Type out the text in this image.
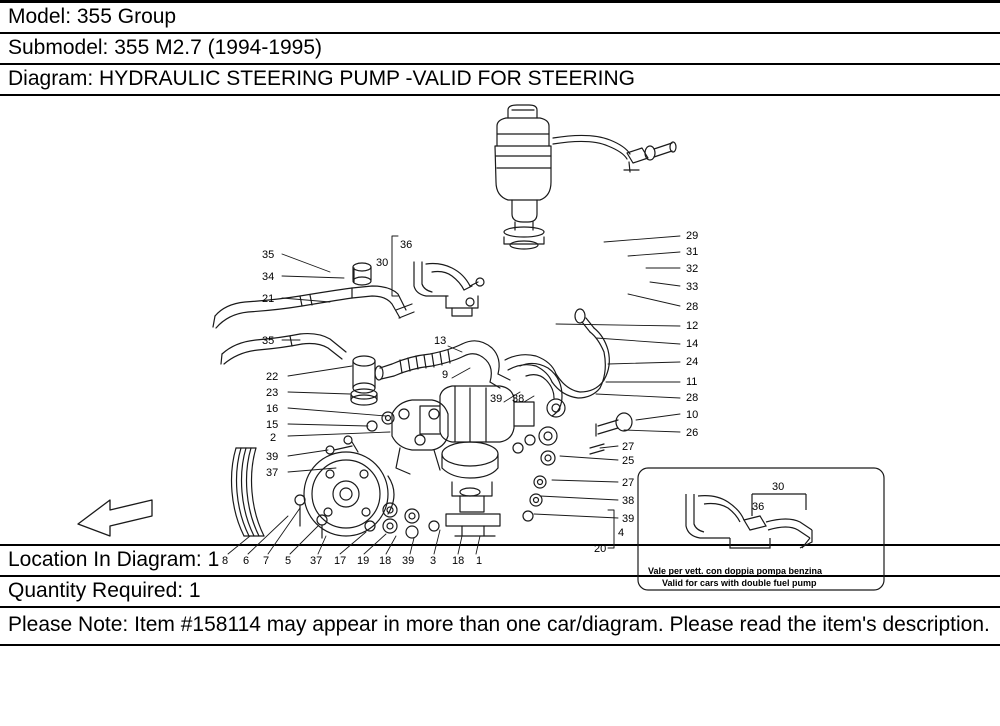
Model: 355 Group
Submodel: 355 M2.7 (1994-1995)
Diagram: HYDRAULIC STEERING PUMP -VALID FOR STEERING
36
30
35
34
21
35
22
23
16
15
2
39
37
13
9
39 38
29
31
32
33
28
12
14
24
11
28
10
26
27
25
27
38
39
4
20
8 6 7 5 37 17 19 18 39 3 18 1
30
36
Vale per vett. con doppia pompa benzina
Valid for cars with double fuel pump
Location In Diagram: 1
Quantity Required: 1
Please Note: Item #158114 may appear in more than one car/diagram. Please read the item's description.
